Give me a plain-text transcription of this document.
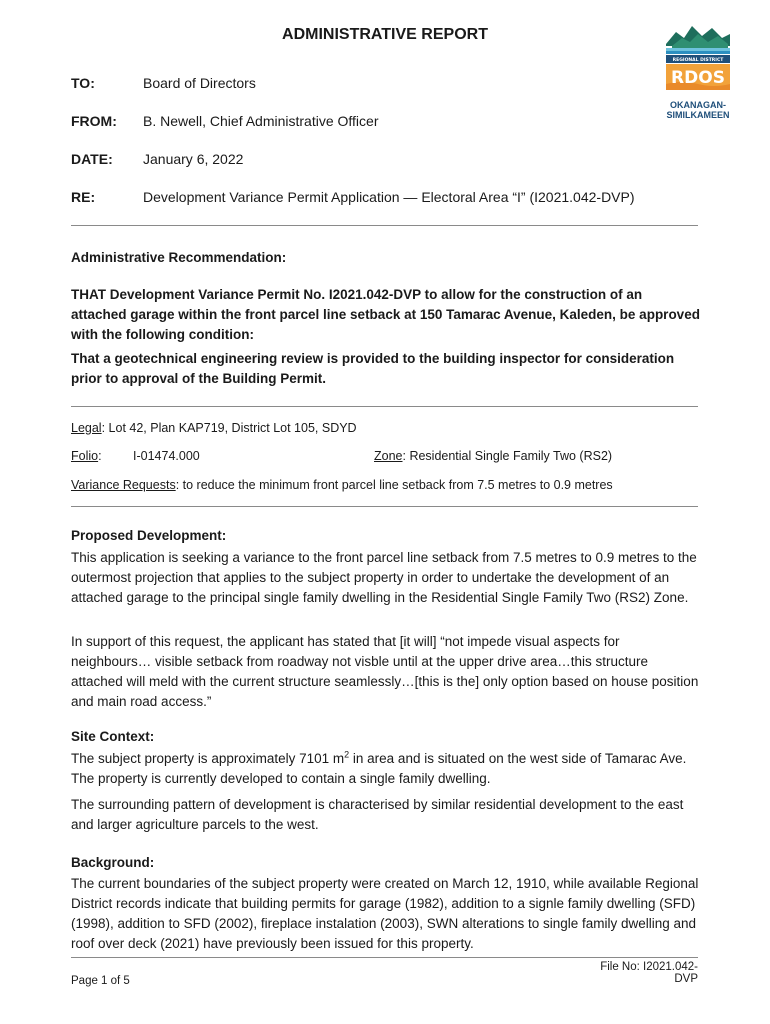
ADMINISTRATIVE REPORT
REGIONAL DISTRICT
RDOS
OKANAGAN-
SIMILKAMEEN
TO:	Board of Directors
FROM: B. Newell, Chief Administrative Officer
DATE: January 6, 2022
RE:	Development Variance Permit Application — Electoral Area “I” (I2021.042-DVP)
Administrative Recommendation:
THAT Development Variance Permit No. I2021.042-DVP to allow for the construction of an attached garage within the front parcel line setback at 150 Tamarac Avenue, Kaleden, be approved with the following condition:
That a geotechnical engineering review is provided to the building inspector for consideration prior to approval of the Building Permit.
Legal: Lot 42, Plan KAP719, District Lot 105, SDYD
Folio:	I-01474.000	Zone: Residential Single Family Two (RS2)
Variance Requests: to reduce the minimum front parcel line setback from 7.5 metres to 0.9 metres
Proposed Development:
This application is seeking a variance to the front parcel line setback from 7.5 metres to 0.9 metres to the outermost projection that applies to the subject property in order to undertake the development of an attached garage to the principal single family dwelling in the Residential Single Family Two (RS2) Zone.
In support of this request, the applicant has stated that [it will] “not impede visual aspects for neighbours… visible setback from roadway not visble until at the upper drive area…this structure attached will meld with the current structure seamlessly…[this is the] only option based on house position and main road access.”
Site Context:
The subject property is approximately 7101 $m^2$ in area and is situated on the west side of Tamarac Ave. The property is currently developed to contain a single family dwelling.
The surrounding pattern of development is characterised by similar residential development to the east and larger agriculture parcels to the west.
Background:
The current boundaries of the subject property were created on March 12, 1910, while available Regional District records indicate that building permits for garage (1982), addition to a signle family dwelling (SFD) (1998), addition to SFD (2002), fireplace instalation (2003), SWN alterations to single family dwelling and roof over deck (2021) have previously been issued for this property.
File No: I2021.042-DVP
Page 1 of 5
